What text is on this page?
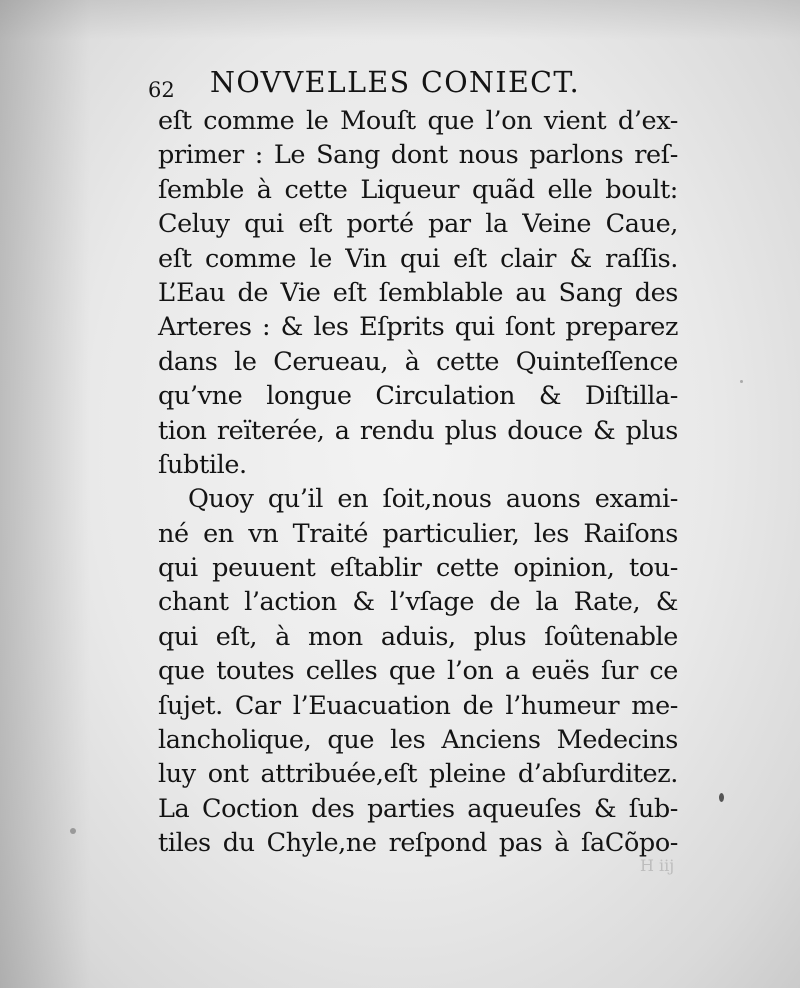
62 NOVVELLES CONIECT.
eſt comme le Mouſt que l’on vient d’ex-
primer : Le Sang dont nous parlons reſ-
ſemble à cette Liqueur quãd elle boult:
Celuy qui eſt porté par la Veine Caue,
eſt comme le Vin qui eſt clair & raſſis.
L’Eau de Vie eſt ſemblable au Sang des
Arteres : & les Eſprits qui ſont preparez
dans le Cerueau, à cette Quinteſſence
qu’vne longue Circulation & Diſtilla-
tion reïterée, a rendu plus douce & plus
ſubtile.
Quoy qu’il en ſoit,nous auons exami-
né en vn Traité particulier, les Raiſons
qui peuuent eſtablir cette opinion, tou-
chant l’action & l’vſage de la Rate, &
qui eſt, à mon aduis, plus ſoûtenable
que toutes celles que l’on a euës ſur ce
ſujet. Car l’Euacuation de l’humeur me-
lancholique, que les Anciens Medecins
luy ont attribuée,eſt pleine d’abſurditez.
La Coction des parties aqueuſes & ſub-
tiles du Chyle,ne reſpond pas à ſaCõpo-
H iij
